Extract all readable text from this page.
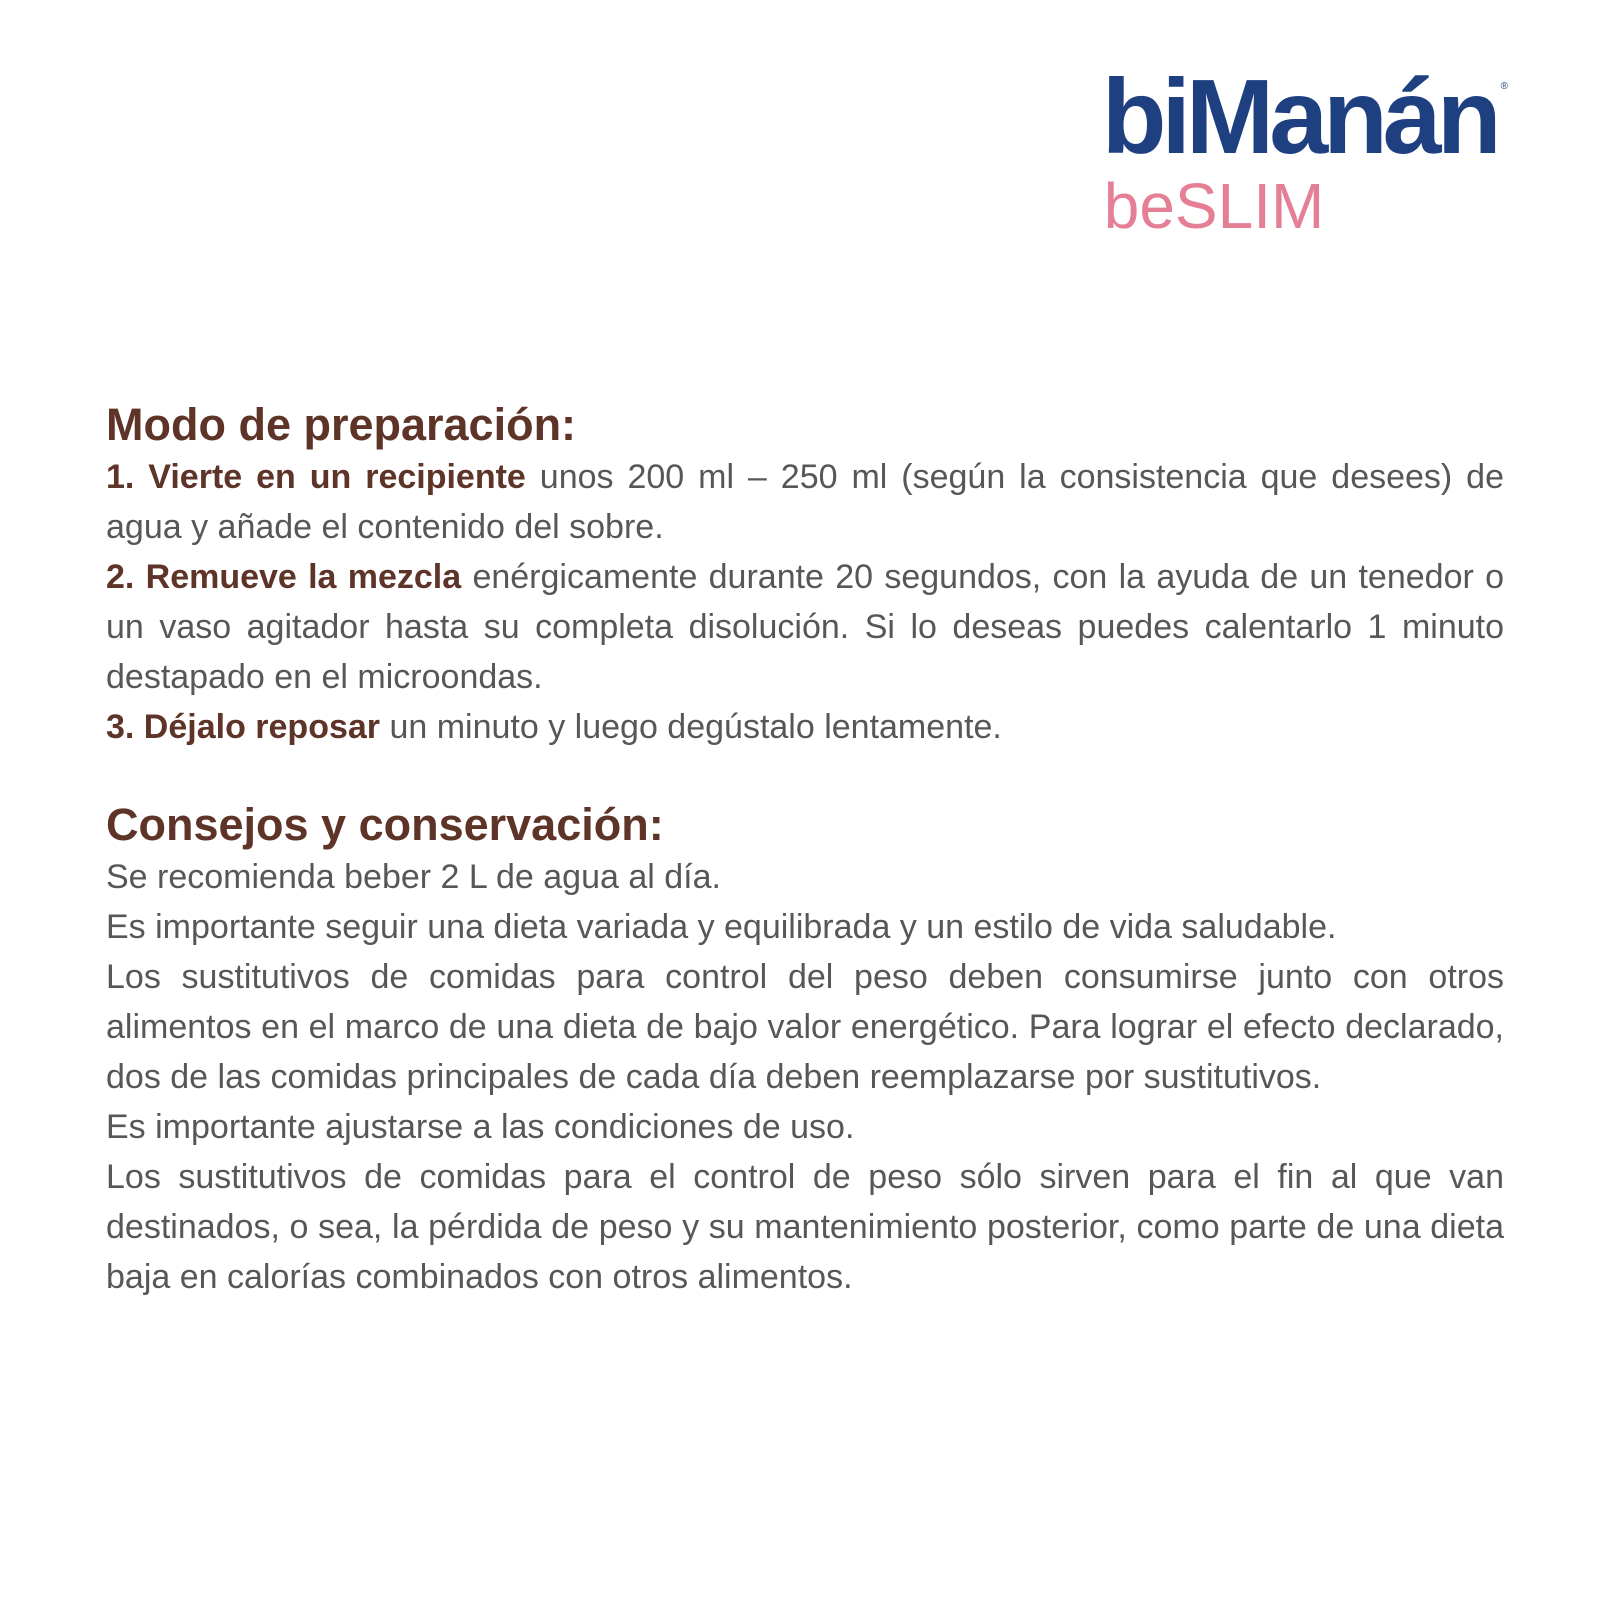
biManán ®
beSLIM
Modo de preparación:

1. Vierte en un recipiente unos 200 ml – 250 ml (según la consistencia que desees) de agua y añade el contenido del sobre.

2. Remueve la mezcla enérgicamente durante 20 segundos, con la ayuda de un tenedor o un vaso agitador hasta su completa disolución. Si lo deseas puedes calentarlo 1 minuto destapado en el microondas.

3. Déjalo reposar un minuto y luego degústalo lentamente.

Consejos y conservación:

Se recomienda beber 2 L de agua al día.

Es importante seguir una dieta variada y equilibrada y un estilo de vida saludable.

Los sustitutivos de comidas para control del peso deben consumirse junto con otros alimentos en el marco de una dieta de bajo valor energético. Para lograr el efecto declarado, dos de las comidas principales de cada día deben reemplazarse por sustitutivos.

Es importante ajustarse a las condiciones de uso.

Los sustitutivos de comidas para el control de peso sólo sirven para el fin al que van destinados, o sea, la pérdida de peso y su mantenimiento posterior, como parte de una dieta baja en calorías combinados con otros alimentos.
